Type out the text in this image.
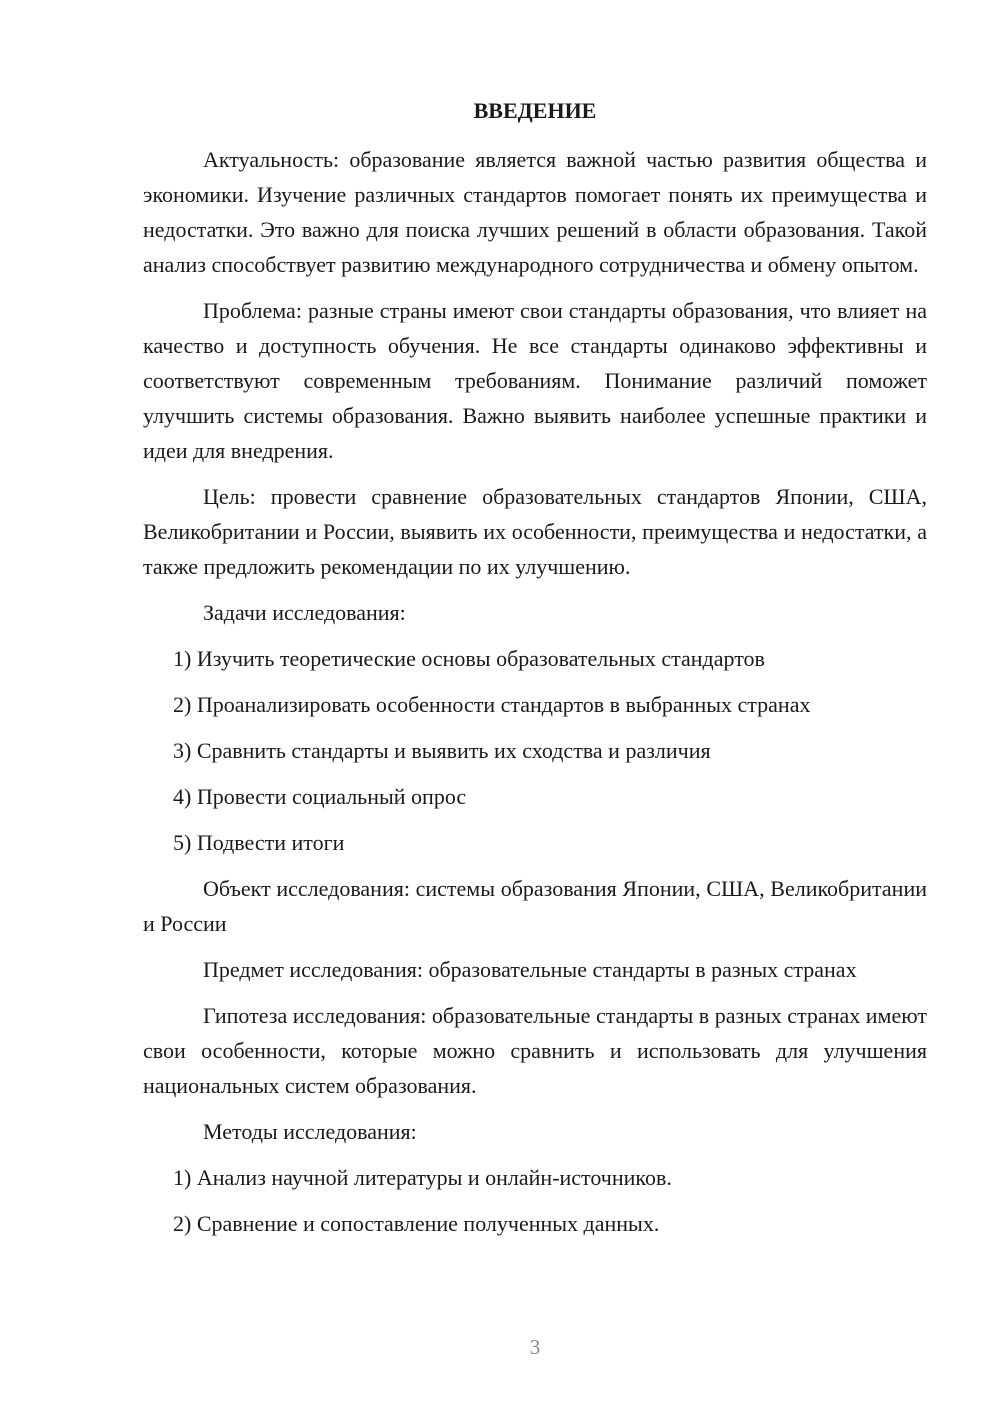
ВВЕДЕНИЕ

Актуальность: образование является важной частью развития общества и экономики. Изучение различных стандартов помогает понять их преимущества и недостатки. Это важно для поиска лучших решений в области образования. Такой анализ способствует развитию международного сотрудничества и обмену опытом.

Проблема: разные страны имеют свои стандарты образования, что влияет на качество и доступность обучения. Не все стандарты одинаково эффективны и соответствуют современным требованиям. Понимание различий поможет улучшить системы образования. Важно выявить наиболее успешные практики и идеи для внедрения.

Цель: провести сравнение образовательных стандартов Японии, США, Великобритании и России, выявить их особенности, преимущества и недостатки, а также предложить рекомендации по их улучшению.

Задачи исследования:

1) Изучить теоретические основы образовательных стандартов

2) Проанализировать особенности стандартов в выбранных странах

3) Сравнить стандарты и выявить их сходства и различия

4) Провести социальный опрос

5) Подвести итоги

Объект исследования: системы образования Японии, США, Великобритании и России

Предмет исследования: образовательные стандарты в разных странах

Гипотеза исследования: образовательные стандарты в разных странах имеют свои особенности, которые можно сравнить и использовать для улучшения национальных систем образования.

Методы исследования:

1) Анализ научной литературы и онлайн-источников.

2) Сравнение и сопоставление полученных данных.

3
